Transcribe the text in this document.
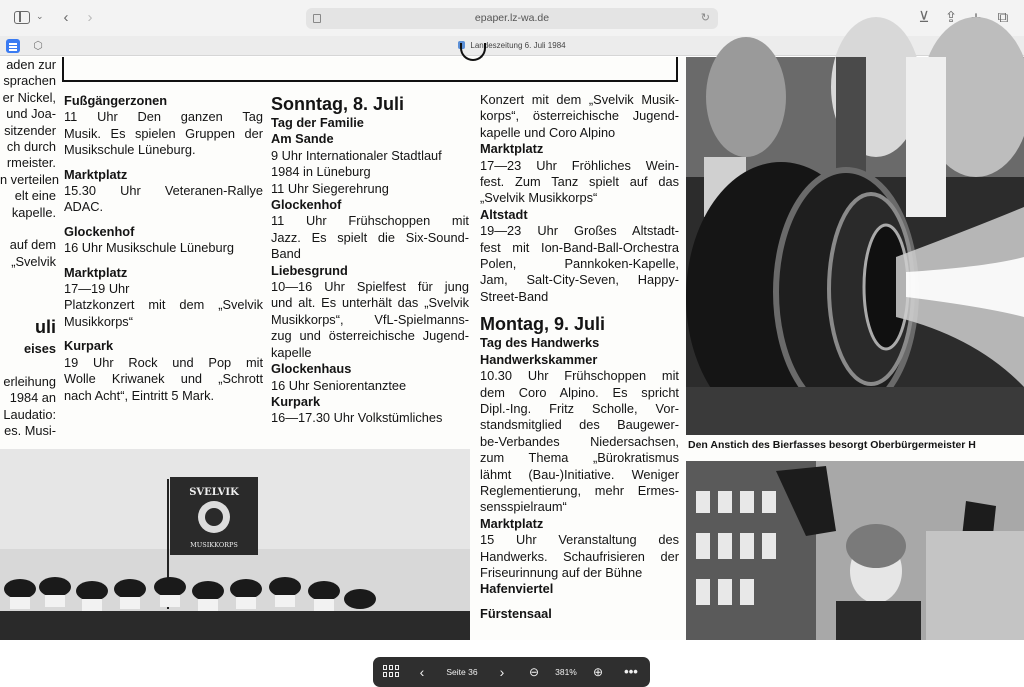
⌄	‹	›	epaper.lz-wa.de	↻	⊻	⇪	⧉
⬡	Landeszeitung 6. Juli 1984
aden zur
sprachen
er Nickel,
und Joa-
sitzender
ch durch
rmeister.
n verteilen
elt eine
kapelle.
auf dem
„Svelvik
uli
eises
erleihung
1984 an
Laudatio:
es. Musi-
Fußgängerzonen
11 Uhr Den ganzen Tag
Musik. Es spielen Gruppen der
Musikschule Lüneburg.
Marktplatz
15.30 Uhr Veteranen-Rallye
ADAC.
Glockenhof
16 Uhr Musikschule Lüneburg
Marktplatz
17—19 Uhr
Platzkonzert mit dem „Svelvik
Musikkorps“
Kurpark
19 Uhr Rock und Pop mit
Wolle Kriwanek und „Schrott
nach Acht“, Eintritt 5 Mark.
Sonntag, 8. Juli
Tag der Familie
Am Sande
9 Uhr Internationaler Stadtlauf
1984 in Lüneburg
11 Uhr Siegerehrung
Glockenhof
11 Uhr Frühschoppen mit
Jazz. Es spielt die Six-Sound-
Band
Liebesgrund
10—16 Uhr Spielfest für jung
und alt. Es unterhält das „Svelvik
Musikkorps“, VfL-Spielmanns-
zug und österreichische Jugend-
kapelle
Glockenhaus
16 Uhr Seniorentanztee
Kurpark
16—17.30 Uhr Volkstümliches
Konzert mit dem „Svelvik Musik-
korps“, österreichische Jugend-
kapelle und Coro Alpino
Marktplatz
17—23 Uhr Fröhliches Wein-
fest. Zum Tanz spielt auf das
„Svelvik Musikkorps“
Altstadt
19—23 Uhr Großes Altstadt-
fest mit Ion-Band-Ball-Orchestra
Polen, Pannkoken-Kapelle,
Jam, Salt-City-Seven, Happy-
Street-Band
Montag, 9. Juli
Tag des Handwerks
Handwerkskammer
10.30 Uhr Frühschoppen mit
dem Coro Alpino. Es spricht
Dipl.-Ing. Fritz Scholle, Vor-
standsmitglied des Baugewer-
be-Verbandes Niedersachsen,
zum Thema „Bürokratismus
lähmt (Bau-)Initiative. Weniger
Reglementierung, mehr Ermes-
sensspielraum“
Marktplatz
15 Uhr Veranstaltung des
Handwerks. Schaufrisieren der
Friseurinnung auf der Bühne
Hafenviertel
Fürstensaal
Den Anstich des Bierfasses besorgt Oberbürgermeister H
SVELVIK
MUSIKKORPS
‹	Seite 36	›	⊖	381%	⊕	•••
